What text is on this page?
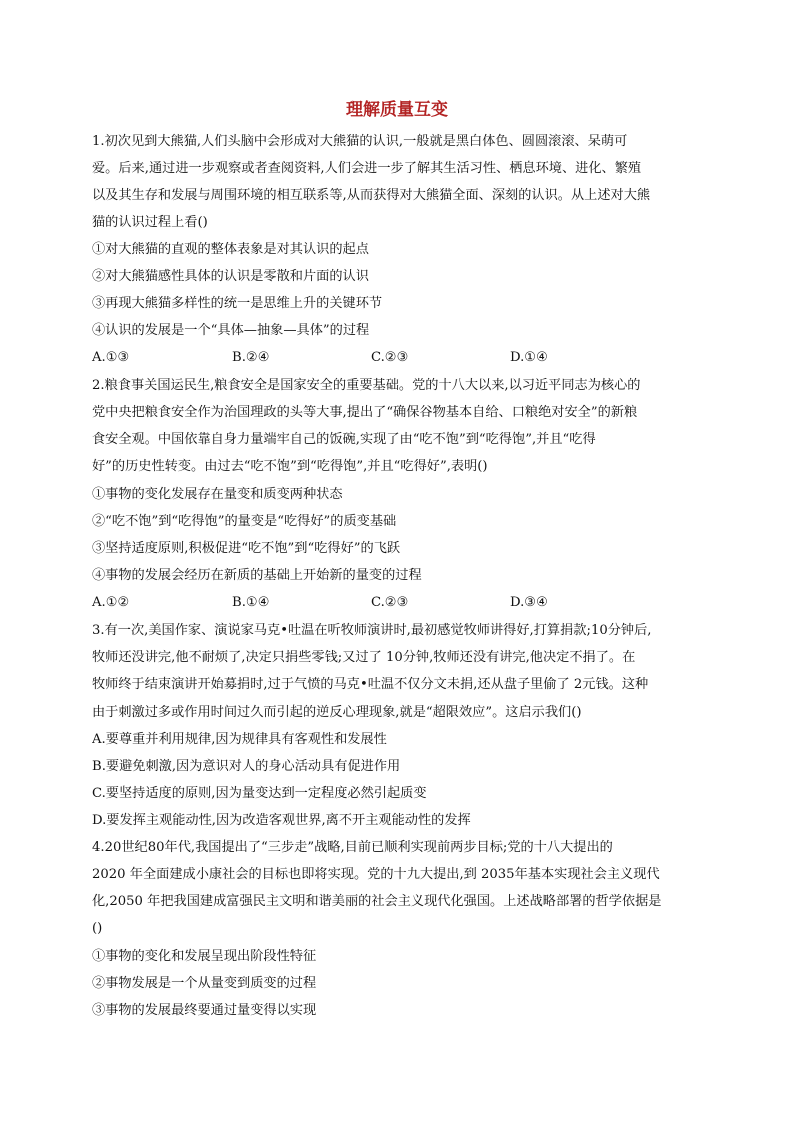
理解质量互变
1.初次见到大熊猫,人们头脑中会形成对大熊猫的认识,一般就是黑白体色、圆圆滚滚、呆萌可
爱。后来,通过进一步观察或者查阅资料,人们会进一步了解其生活习性、栖息环境、进化、繁殖
以及其生存和发展与周围环境的相互联系等,从而获得对大熊猫全面、深刻的认识。从上述对大熊
猫的认识过程上看()
①对大熊猫的直观的整体表象是对其认识的起点
②对大熊猫感性具体的认识是零散和片面的认识
③再现大熊猫多样性的统一是思维上升的关键环节
④认识的发展是一个“具体—抽象—具体”的过程
A.①③	B.②④	C.②③	D.①④
2.粮食事关国运民生,粮食安全是国家安全的重要基础。党的十八大以来,以习近平同志为核心的
党中央把粮食安全作为治国理政的头等大事,提出了“确保谷物基本自给、口粮绝对安全”的新粮
食安全观。中国依靠自身力量端牢自己的饭碗,实现了由“吃不饱”到“吃得饱”,并且“吃得
好”的历史性转变。由过去“吃不饱”到“吃得饱”,并且“吃得好”,表明()
①事物的变化发展存在量变和质变两种状态
②“吃不饱”到“吃得饱”的量变是“吃得好”的质变基础
③坚持适度原则,积极促进“吃不饱”到“吃得好”的飞跃
④事物的发展会经历在新质的基础上开始新的量变的过程
A.①②	B.①④	C.②③	D.③④
3.有一次,美国作家、演说家马克•吐温在听牧师演讲时,最初感觉牧师讲得好,打算捐款;10分钟后,
牧师还没讲完,他不耐烦了,决定只捐些零钱;又过了 10分钟,牧师还没有讲完,他决定不捐了。在
牧师终于结束演讲开始募捐时,过于气愤的马克•吐温不仅分文未捐,还从盘子里偷了 2元钱。这种
由于刺激过多或作用时间过久而引起的逆反心理现象,就是“超限效应”。这启示我们()
A.要尊重并利用规律,因为规律具有客观性和发展性
B.要避免刺激,因为意识对人的身心活动具有促进作用
C.要坚持适度的原则,因为量变达到一定程度必然引起质变
D.要发挥主观能动性,因为改造客观世界,离不开主观能动性的发挥
4.20世纪80年代,我国提出了“三步走”战略,目前已顺利实现前两步目标;党的十八大提出的
2020 年全面建成小康社会的目标也即将实现。党的十九大提出,到 2035年基本实现社会主义现代
化,2050 年把我国建成富强民主文明和谐美丽的社会主义现代化强国。上述战略部署的哲学依据是
()
①事物的变化和发展呈现出阶段性特征
②事物发展是一个从量变到质变的过程
③事物的发展最终要通过量变得以实现
